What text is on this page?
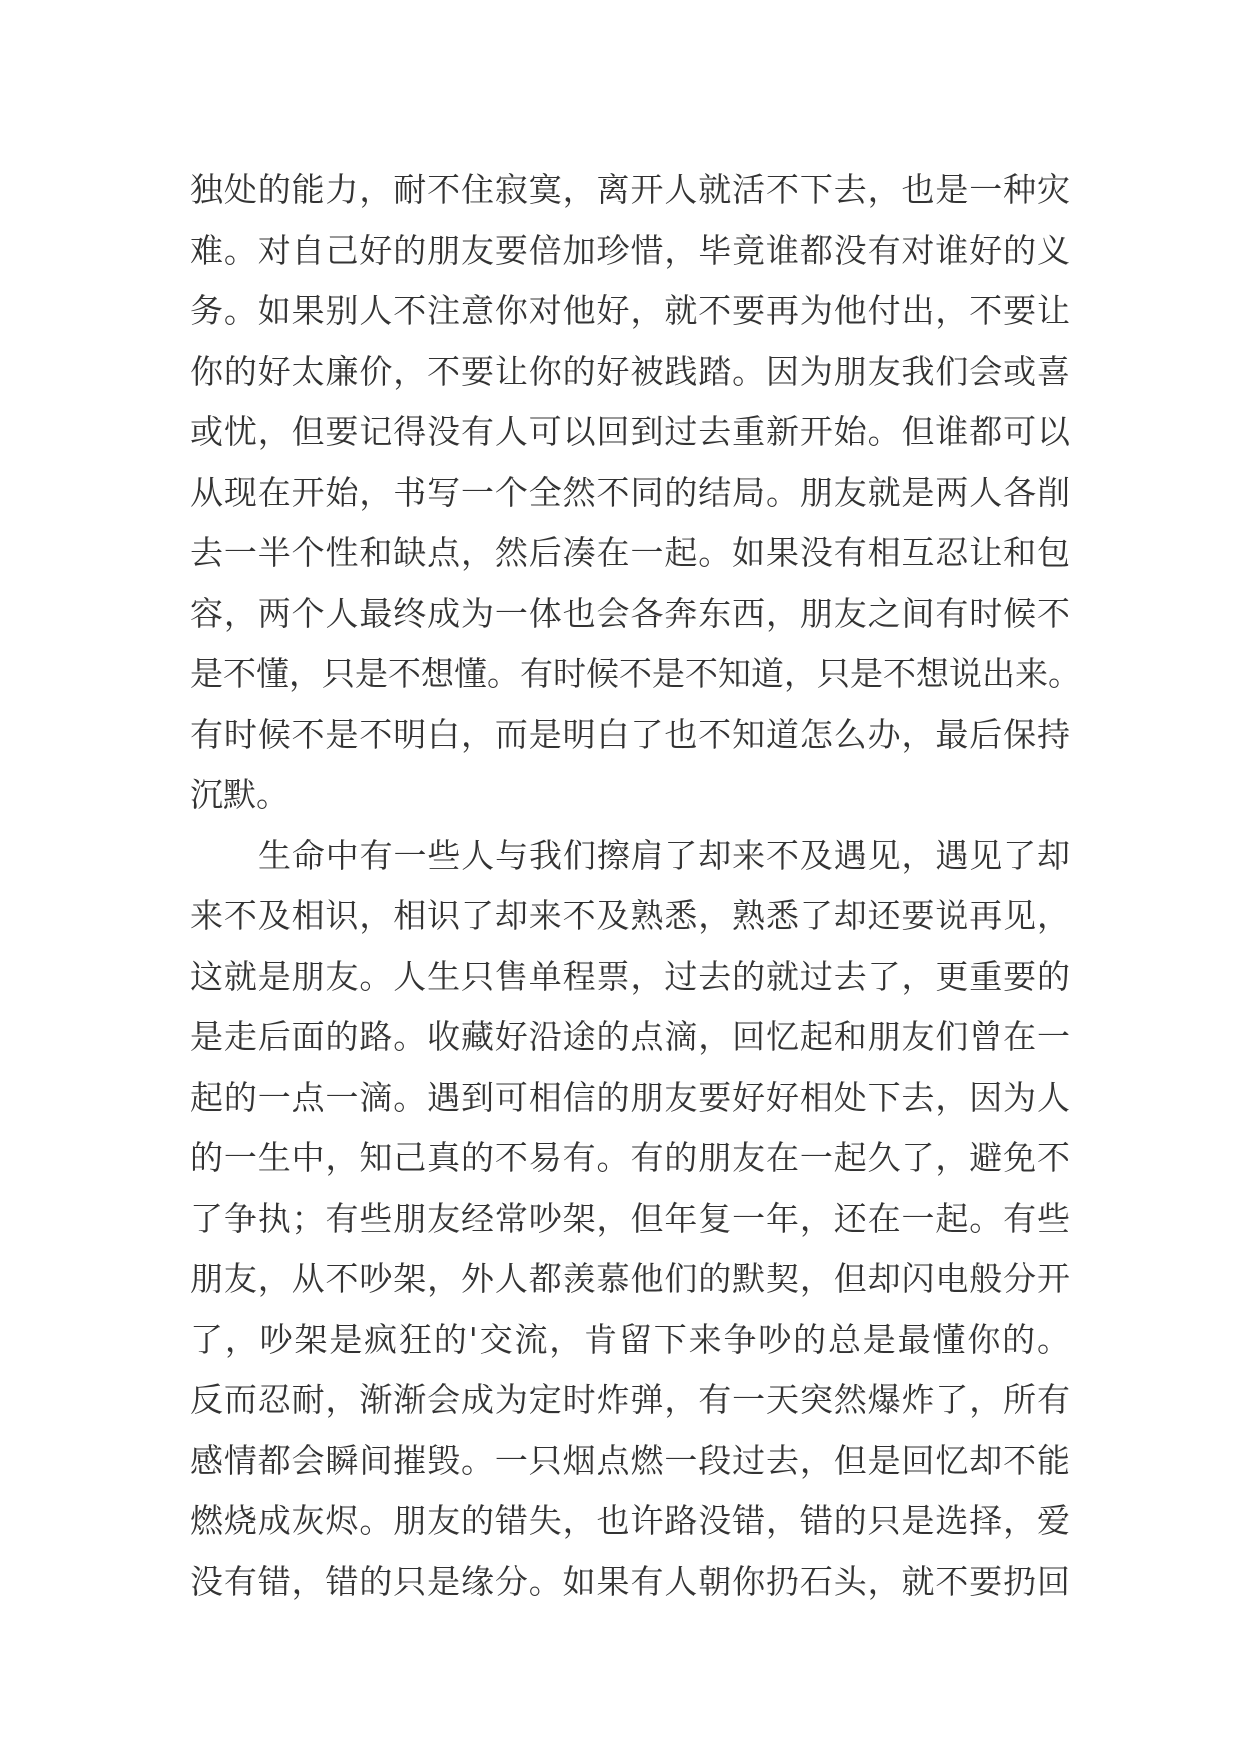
独处的能力，耐不住寂寞，离开人就活不下去，也是一种灾
难。对自己好的朋友要倍加珍惜，毕竟谁都没有对谁好的义
务。如果别人不注意你对他好，就不要再为他付出，不要让
你的好太廉价，不要让你的好被践踏。因为朋友我们会或喜
或忧，但要记得没有人可以回到过去重新开始。但谁都可以
从现在开始，书写一个全然不同的结局。朋友就是两人各削
去一半个性和缺点，然后凑在一起。如果没有相互忍让和包
容，两个人最终成为一体也会各奔东西，朋友之间有时候不
是不懂，只是不想懂。有时候不是不知道，只是不想说出来。
有时候不是不明白，而是明白了也不知道怎么办，最后保持
沉默。
生命中有一些人与我们擦肩了却来不及遇见，遇见了却
来不及相识，相识了却来不及熟悉，熟悉了却还要说再见，
这就是朋友。人生只售单程票，过去的就过去了，更重要的
是走后面的路。收藏好沿途的点滴，回忆起和朋友们曾在一
起的一点一滴。遇到可相信的朋友要好好相处下去，因为人
的一生中，知己真的不易有。有的朋友在一起久了，避免不
了争执；有些朋友经常吵架，但年复一年，还在一起。有些
朋友，从不吵架，外人都羡慕他们的默契，但却闪电般分开
了，吵架是疯狂的'交流，肯留下来争吵的总是最懂你的。
反而忍耐，渐渐会成为定时炸弹，有一天突然爆炸了，所有
感情都会瞬间摧毁。一只烟点燃一段过去，但是回忆却不能
燃烧成灰烬。朋友的错失，也许路没错，错的只是选择，爱
没有错，错的只是缘分。如果有人朝你扔石头，就不要扔回
